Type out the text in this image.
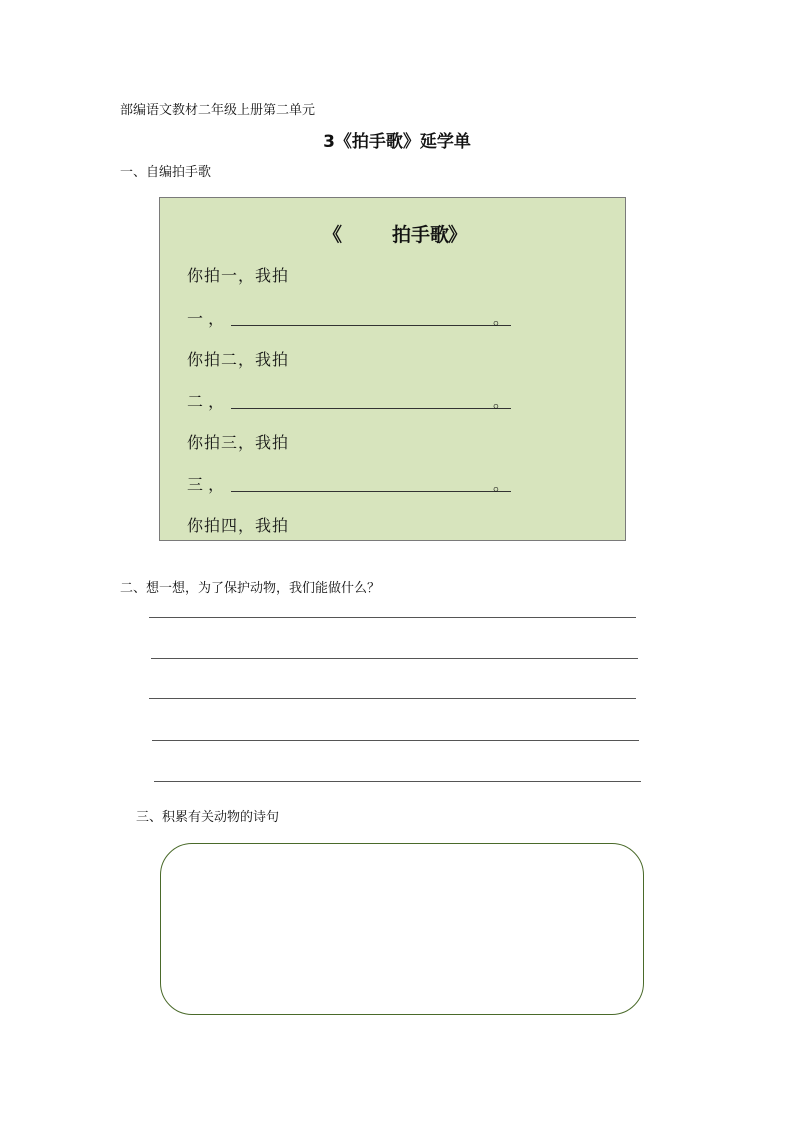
部编语文教材二年级上册第二单元
3《拍手歌》延学单
一、自编拍手歌
《	拍手歌
》
你拍一，我拍
一 ，	。
你拍二，我拍
二 ，	。
你拍三，我拍
三 ，	。
你拍四，我拍
二、想一想，为了保护动物，我们能做什么？
三、积累有关动物的诗句
